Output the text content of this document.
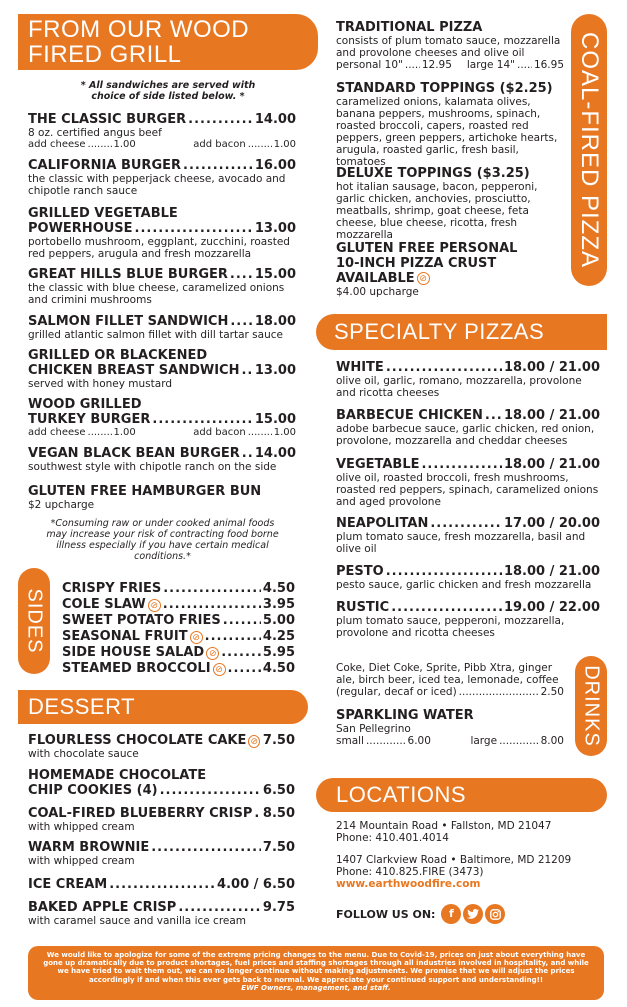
FROM OUR WOOD FIRED GRILL
* All sandwiches are served with choice of side listed below. *
THE CLASSIC BURGER .....	14.00
8 oz. certified angus beef
add cheese .....	1.00	add bacon .....	1.00
CALIFORNIA BURGER .....	16.00
the classic with pepperjack cheese, avocado and chipotle ranch sauce
GRILLED VEGETABLE
POWERHOUSE .....	13.00
portobello mushroom, eggplant, zucchini, roasted red peppers, arugula and fresh mozzarella
GREAT HILLS BLUE BURGER ..... 15.00
the classic with blue cheese, caramelized onions and crimini mushrooms
SALMON FILLET SANDWICH ..... 18.00
grilled atlantic salmon fillet with dill tartar sauce
GRILLED OR BLACKENED
CHICKEN BREAST SANDWICH ..... 13.00
served with honey mustard
WOOD GRILLED
TURKEY BURGER .....	15.00
add cheese .....	1.00	add bacon .....	1.00
VEGAN BLACK BEAN BURGER ..... 14.00
southwest style with chipotle ranch on the side
GLUTEN FREE HAMBURGER BUN
$2 upcharge
*Consuming raw or under cooked animal foods may increase your risk of contracting food borne illness especially if you have certain medical conditions.*
SIDES CRISPY FRIES .....	4.50
COLE SLAW ⊘ .....	3.95
SWEET POTATO FRIES .....	5.00
SEASONAL FRUIT ⊘ .....	4.25
SIDE HOUSE SALAD ⊘ .....	5.95
STEAMED BROCCOLI ⊘ .....	4.50
DESSERT
FLOURLESS CHOCOLATE CAKE ⊘ 7.50
with chocolate sauce
HOMEMADE CHOCOLATE
CHIP COOKIES (4) .....	6.50
COAL-FIRED BLUEBERRY CRISP ..... 8.50
with whipped cream
WARM BROWNIE .....	7.50
with whipped cream
ICE CREAM .....	4.00 / 6.50
BAKED APPLE CRISP .....	9.75
with caramel sauce and vanilla ice cream
COAL-FIRED PIZZA
TRADITIONAL PIZZA
consists of plum tomato sauce, mozzarella and provolone cheeses and olive oil
personal 10" ..... 12.95 large 14" ..... 16.95
STANDARD TOPPINGS ($2.25)
caramelized onions, kalamata olives, banana peppers, mushrooms, spinach, roasted broccoli, capers, roasted red peppers, green peppers, artichoke hearts, arugula, roasted garlic, fresh basil, tomatoes
DELUXE TOPPINGS ($3.25)
hot italian sausage, bacon, pepperoni, garlic chicken, anchovies, prosciutto, meatballs, shrimp, goat cheese, feta cheese, blue cheese, ricotta, fresh mozzarella
GLUTEN FREE PERSONAL
10-INCH PIZZA CRUST
AVAILABLE ⊘
$4.00 upcharge
SPECIALTY PIZZAS
WHITE .....	18.00 / 21.00
olive oil, garlic, romano, mozzarella, provolone and ricotta cheeses
BARBECUE CHICKEN ..... 18.00 / 21.00
adobe barbecue sauce, garlic chicken, red onion, provolone, mozzarella and cheddar cheeses
VEGETABLE .....	18.00 / 21.00
olive oil, roasted broccoli, fresh mushrooms, roasted red peppers, spinach, caramelized onions and aged provolone
NEAPOLITAN .....	17.00 / 20.00
plum tomato sauce, fresh mozzarella, basil and olive oil
PESTO .....	18.00 / 21.00
pesto sauce, garlic chicken and fresh mozzarella
RUSTIC .....	19.00 / 22.00
plum tomato sauce, pepperoni, mozzarella, provolone and ricotta cheeses
DRINKS
Coke, Diet Coke, Sprite, Pibb Xtra, ginger ale, birch beer, iced tea, lemonade, coffee
(regular, decaf or iced) .....	2.50
SPARKLING WATER
San Pellegrino
small .....	6.00	large .....	8.00
LOCATIONS
214 Mountain Road • Fallston, MD 21047
Phone: 410.401.4014
1407 Clarkview Road • Baltimore, MD 21209
Phone: 410.825.FIRE (3473)
www.earthwoodfire.com
FOLLOW US ON:	f
We would like to apologize for some of the extreme pricing changes to the menu. Due to Covid-19, prices on just about everything have gone up dramatically due to product shortages, fuel prices and staffing shortages through all industries involved in hospitality, and while we have tried to wait them out, we can no longer continue without making adjustments. We promise that we will adjust the prices accordingly if and when this ever gets back to normal. We appreciate your continued support and understanding!!
EWF Owners, management, and staff.
